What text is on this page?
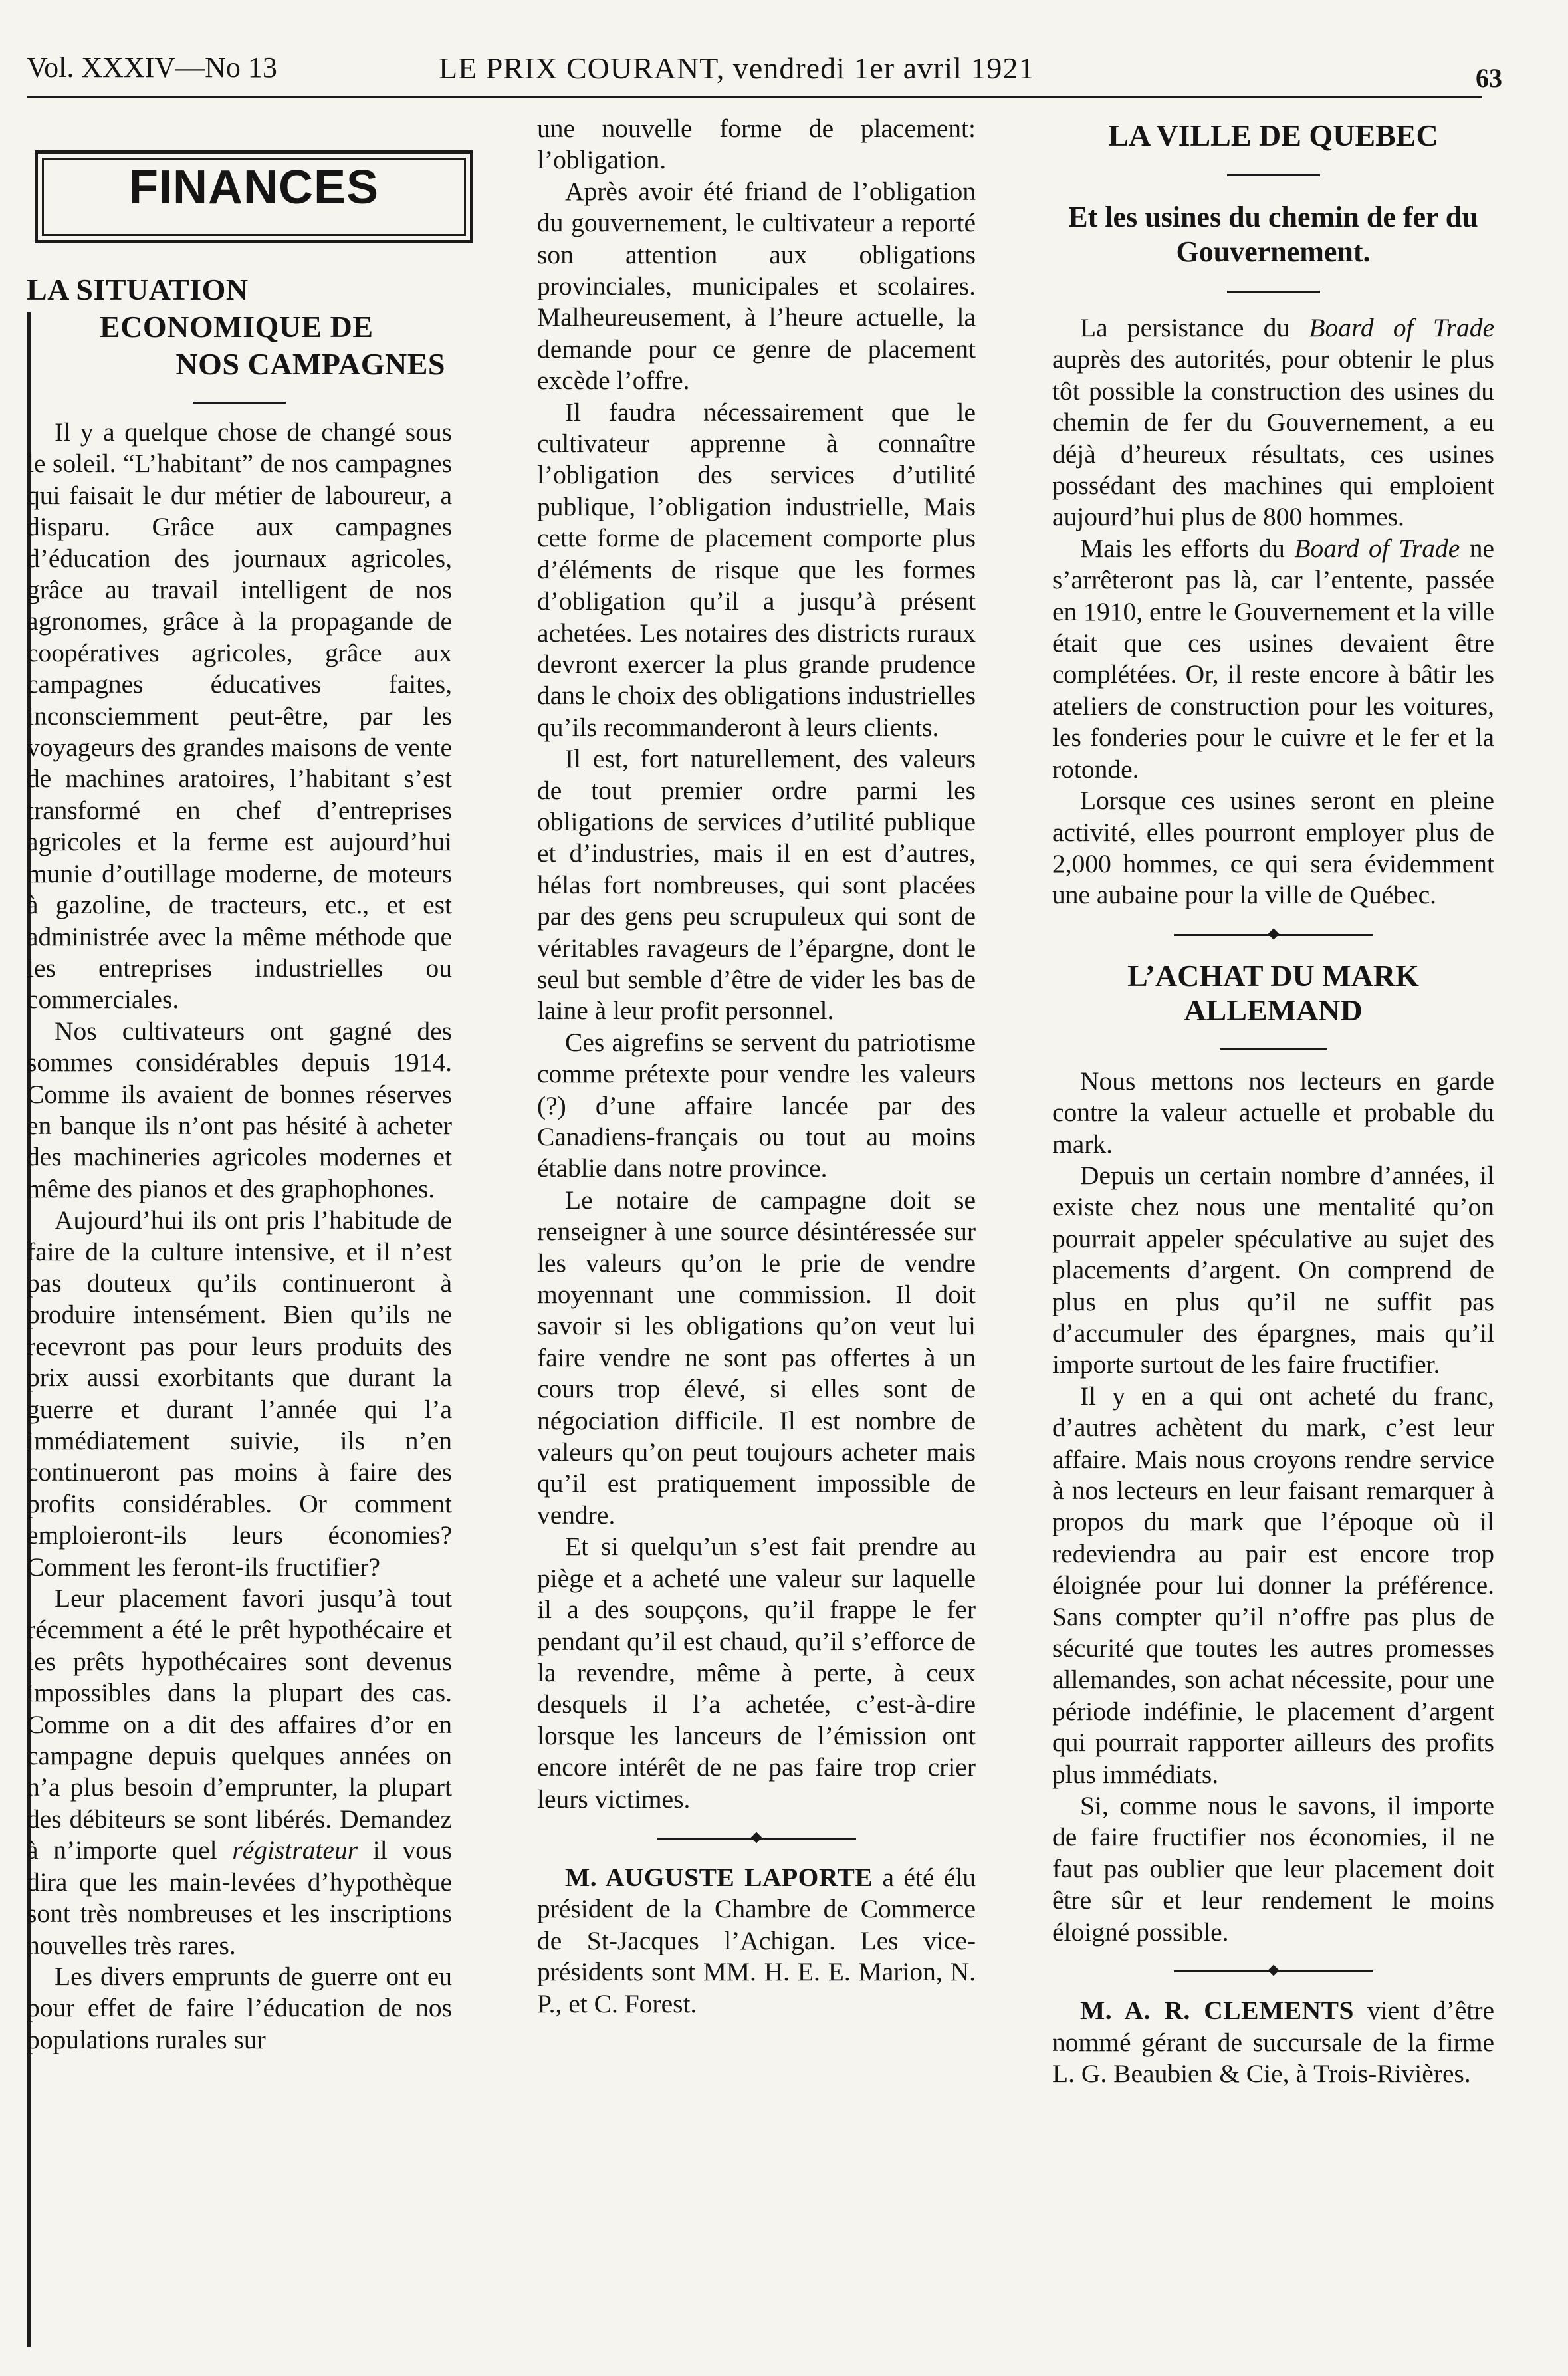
Vol. XXXIV—No 13	LE PRIX COURANT, vendredi 1er avril 1921	63
FINANCES
LA SITUATION
ECONOMIQUE DE
NOS CAMPAGNES

Il y a quelque chose de changé sous le soleil. “L’habitant” de nos campagnes qui faisait le dur métier de laboureur, a disparu. Grâce aux campagnes d’éducation des journaux agricoles, grâce au travail intelligent de nos agronomes, grâce à la propagande de coopératives agricoles, grâce aux campagnes éducatives faites, inconsciemment peut-être, par les voyageurs des grandes maisons de vente de machines aratoires, l’habitant s’est transformé en chef d’entreprises agricoles et la ferme est aujourd’hui munie d’outillage moderne, de moteurs à gazoline, de tracteurs, etc., et est administrée avec la même méthode que les entreprises industrielles ou commerciales.

Nos cultivateurs ont gagné des sommes considérables depuis 1914. Comme ils avaient de bonnes réserves en banque ils n’ont pas hésité à acheter des machineries agricoles modernes et même des pianos et des graphophones.

Aujourd’hui ils ont pris l’habitude de faire de la culture intensive, et il n’est pas douteux qu’ils continueront à produire intensément. Bien qu’ils ne recevront pas pour leurs produits des prix aussi exorbitants que durant la guerre et durant l’année qui l’a immédiatement suivie, ils n’en continueront pas moins à faire des profits considérables. Or comment emploieront-ils leurs économies? Comment les feront-ils fructifier?

Leur placement favori jusqu’à tout récemment a été le prêt hypothécaire et les prêts hypothécaires sont devenus impossibles dans la plupart des cas. Comme on a dit des affaires d’or en campagne depuis quelques années on n’a plus besoin d’emprunter, la plupart des débiteurs se sont libérés. Demandez à n’importe quel régistrateur il vous dira que les main-levées d’hypothèque sont très nombreuses et les inscriptions nouvelles très rares.

Les divers emprunts de guerre ont eu pour effet de faire l’éducation de nos populations rurales sur

une nouvelle forme de placement: l’obligation.

Après avoir été friand de l’obligation du gouvernement, le cultivateur a reporté son attention aux obligations provinciales, municipales et scolaires. Malheureusement, à l’heure actuelle, la demande pour ce genre de placement excède l’offre.

Il faudra nécessairement que le cultivateur apprenne à connaître l’obligation des services d’utilité publique, l’obligation industrielle, Mais cette forme de placement comporte plus d’éléments de risque que les formes d’obligation qu’il a jusqu’à présent achetées. Les notaires des districts ruraux devront exercer la plus grande prudence dans le choix des obligations industrielles qu’ils recommanderont à leurs clients.

Il est, fort naturellement, des valeurs de tout premier ordre parmi les obligations de services d’utilité publique et d’industries, mais il en est d’autres, hélas fort nombreuses, qui sont placées par des gens peu scrupuleux qui sont de véritables ravageurs de l’épargne, dont le seul but semble d’être de vider les bas de laine à leur profit personnel.

Ces aigrefins se servent du patriotisme comme prétexte pour vendre les valeurs (?) d’une affaire lancée par des Canadiens-français ou tout au moins établie dans notre province.

Le notaire de campagne doit se renseigner à une source désintéressée sur les valeurs qu’on le prie de vendre moyennant une commission. Il doit savoir si les obligations qu’on veut lui faire vendre ne sont pas offertes à un cours trop élevé, si elles sont de négociation difficile. Il est nombre de valeurs qu’on peut toujours acheter mais qu’il est pratiquement impossible de vendre.

Et si quelqu’un s’est fait prendre au piège et a acheté une valeur sur laquelle il a des soupçons, qu’il frappe le fer pendant qu’il est chaud, qu’il s’efforce de la revendre, même à perte, à ceux desquels il l’a achetée, c’est-à-dire lorsque les lanceurs de l’émission ont encore intérêt de ne pas faire trop crier leurs victimes.

M. AUGUSTE LAPORTE a été élu président de la Chambre de Commerce de St-Jacques l’Achigan. Les vice-présidents sont MM. H. E. E. Marion, N. P., et C. Forest.

LA VILLE DE QUEBEC
Et les usines du chemin de fer du Gouvernement.

La persistance du Board of Trade auprès des autorités, pour obtenir le plus tôt possible la construction des usines du chemin de fer du Gouvernement, a eu déjà d’heureux résultats, ces usines possédant des machines qui emploient aujourd’hui plus de 800 hommes.

Mais les efforts du Board of Trade ne s’arrêteront pas là, car l’entente, passée en 1910, entre le Gouvernement et la ville était que ces usines devaient être complétées. Or, il reste encore à bâtir les ateliers de construction pour les voitures, les fonderies pour le cuivre et le fer et la rotonde.

Lorsque ces usines seront en pleine activité, elles pourront employer plus de 2,000 hommes, ce qui sera évidemment une aubaine pour la ville de Québec.

L’ACHAT DU MARK ALLEMAND

Nous mettons nos lecteurs en garde contre la valeur actuelle et probable du mark.

Depuis un certain nombre d’années, il existe chez nous une mentalité qu’on pourrait appeler spéculative au sujet des placements d’argent. On comprend de plus en plus qu’il ne suffit pas d’accumuler des épargnes, mais qu’il importe surtout de les faire fructifier.

Il y en a qui ont acheté du franc, d’autres achètent du mark, c’est leur affaire. Mais nous croyons rendre service à nos lecteurs en leur faisant remarquer à propos du mark que l’époque où il redeviendra au pair est encore trop éloignée pour lui donner la préférence. Sans compter qu’il n’offre pas plus de sécurité que toutes les autres promesses allemandes, son achat nécessite, pour une période indéfinie, le placement d’argent qui pourrait rapporter ailleurs des profits plus immédiats.

Si, comme nous le savons, il importe de faire fructifier nos économies, il ne faut pas oublier que leur placement doit être sûr et leur rendement le moins éloigné possible.

M. A. R. CLEMENTS vient d’être nommé gérant de succursale de la firme L. G. Beaubien & Cie, à Trois-Rivières.
